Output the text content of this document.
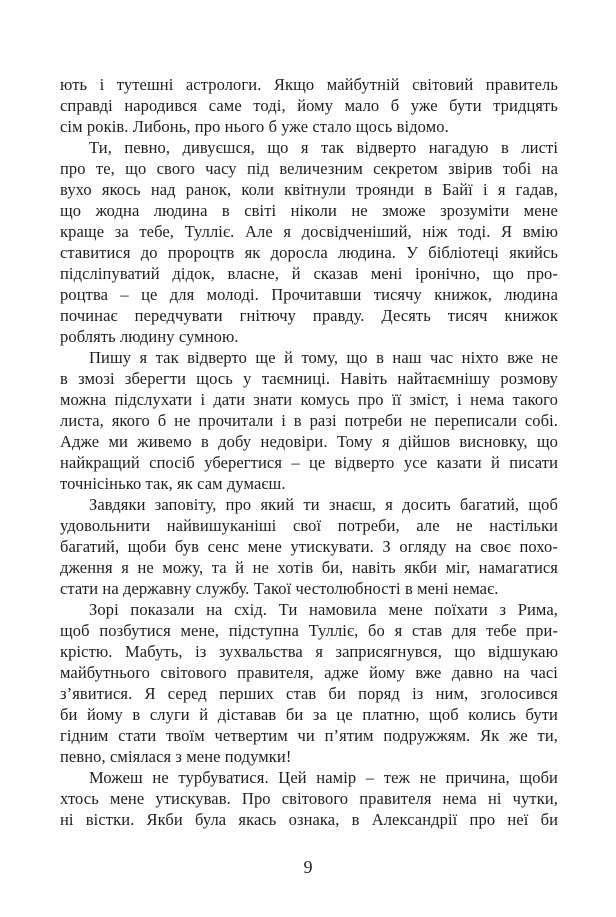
ють і тутешні астрологи. Якщо майбутній світовий правитель
справді народився саме тоді, йому мало б уже бути тридцять
сім років. Либонь, про нього б уже стало щось відомо.
Ти, певно, дивуєшся, що я так відверто нагадую в листі
про те, що свого часу під величезним секретом звірив тобі на
вухо якось над ранок, коли квітнули троянди в Байї і я гадав,
що жодна людина в світі ніколи не зможе зрозуміти мене
краще за тебе, Тулліє. Але я досвідченіший, ніж тоді. Я вмію
ставитися до пророцтв як доросла людина. У бібліотеці якийсь
підсліпуватий дідок, власне, й сказав мені іронічно, що про-
роцтва – це для молоді. Прочитавши тисячу книжок, людина
починає передчувати гнітючу правду. Десять тисяч книжок
роблять людину сумною.
Пишу я так відверто ще й тому, що в наш час ніхто вже не
в змозі зберегти щось у таємниці. Навіть найтаємнішу розмову
можна підслухати і дати знати комусь про її зміст, і нема такого
листа, якого б не прочитали і в разі потреби не переписали собі.
Адже ми живемо в добу недовіри. Тому я дійшов висновку, що
найкращий спосіб уберегтися – це відверто усе казати й писати
точнісінько так, як сам думаєш.
Завдяки заповіту, про який ти знаєш, я досить багатий, щоб
удовольнити найвишуканіші свої потреби, але не настільки
багатий, щоби був сенс мене утискувати. З огляду на своє похо-
дження я не можу, та й не хотів би, навіть якби міг, намагатися
стати на державну службу. Такої честолюбності в мені немає.
Зорі показали на схід. Ти намовила мене поїхати з Рима,
щоб позбутися мене, підступна Тулліє, бо я став для тебе при-
крістю. Мабуть, із зухвальства я заприсягнувся, що відшукаю
майбутнього світового правителя, адже йому вже давно на часі
з’явитися. Я серед перших став би поряд із ним, зголосився
би йому в слуги й діставав би за це платню, щоб колись бути
гідним стати твоїм четвертим чи п’ятим подружжям. Як же ти,
певно, сміялася з мене подумки!
Можеш не турбуватися. Цей намір – теж не причина, щоби
хтось мене утискував. Про світового правителя нема ні чутки,
ні вістки. Якби була якась ознака, в Александрії про неї би
9
